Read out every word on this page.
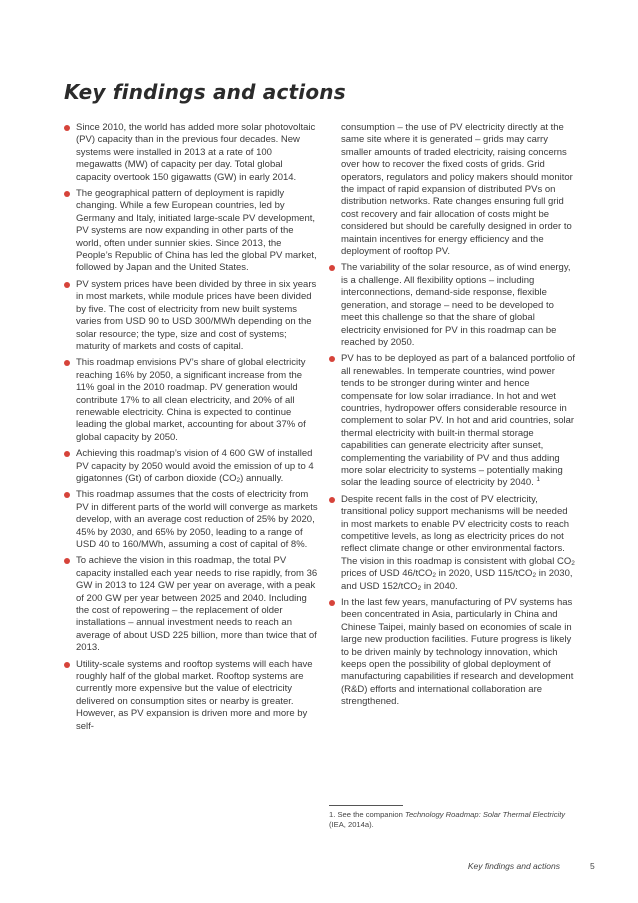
Key findings and actions
Since 2010, the world has added more solar photovoltaic (PV) capacity than in the previous four decades. New systems were installed in 2013 at a rate of 100 megawatts (MW) of capacity per day. Total global capacity overtook 150 gigawatts (GW) in early 2014.
The geographical pattern of deployment is rapidly changing. While a few European countries, led by Germany and Italy, initiated large-scale PV development, PV systems are now expanding in other parts of the world, often under sunnier skies. Since 2013, the People’s Republic of China has led the global PV market, followed by Japan and the United States.
PV system prices have been divided by three in six years in most markets, while module prices have been divided by five. The cost of electricity from new built systems varies from USD 90 to USD 300/MWh depending on the solar resource; the type, size and cost of systems; maturity of markets and costs of capital.
This roadmap envisions PV’s share of global electricity reaching 16% by 2050, a significant increase from the 11% goal in the 2010 roadmap. PV generation would contribute 17% to all clean electricity, and 20% of all renewable electricity. China is expected to continue leading the global market, accounting for about 37% of global capacity by 2050.
Achieving this roadmap’s vision of 4 600 GW of installed PV capacity by 2050 would avoid the emission of up to 4 gigatonnes (Gt) of carbon dioxide $(CO_2)$ annually.
This roadmap assumes that the costs of electricity from PV in different parts of the world will converge as markets develop, with an average cost reduction of 25% by 2020, 45% by 2030, and 65% by 2050, leading to a range of USD 40 to 160/MWh, assuming a cost of capital of 8%.
To achieve the vision in this roadmap, the total PV capacity installed each year needs to rise rapidly, from 36 GW in 2013 to 124 GW per year on average, with a peak of 200 GW per year between 2025 and 2040. Including the cost of repowering – the replacement of older installations – annual investment needs to reach an average of about USD 225 billion, more than twice that of 2013.
Utility-scale systems and rooftop systems will each have roughly half of the global market. Rooftop systems are currently more expensive but the value of electricity delivered on consumption sites or nearby is greater. However, as PV expansion is driven more and more by self-

consumption – the use of PV electricity directly at the same site where it is generated – grids may carry smaller amounts of traded electricity, raising concerns over how to recover the fixed costs of grids. Grid operators, regulators and policy makers should monitor the impact of rapid expansion of distributed PVs on distribution networks. Rate changes ensuring full grid cost recovery and fair allocation of costs might be considered but should be carefully designed in order to maintain incentives for energy efficiency and the deployment of rooftop PV.

The variability of the solar resource, as of wind energy, is a challenge. All flexibility options – including interconnections, demand-side response, flexible generation, and storage – need to be developed to meet this challenge so that the share of global electricity envisioned for PV in this roadmap can be reached by 2050.
PV has to be deployed as part of a balanced portfolio of all renewables. In temperate countries, wind power tends to be stronger during winter and hence compensate for low solar irradiance. In hot and wet countries, hydropower offers considerable resource in complement to solar PV. In hot and arid countries, solar thermal electricity with built-in thermal storage capabilities can generate electricity after sunset, complementing the variability of PV and thus adding more solar electricity to systems – potentially making solar the leading source of electricity by 2040. $^1$
Despite recent falls in the cost of PV electricity, transitional policy support mechanisms will be needed in most markets to enable PV electricity costs to reach competitive levels, as long as electricity prices do not reflect climate change or other environmental factors. The vision in this roadmap is consistent with global $CO_2$ prices of USD 46/tCO$_2$ in 2020, USD 115/tCO$_2$ in 2030, and USD 152/tCO$_2$ in 2040.
In the last few years, manufacturing of PV systems has been concentrated in Asia, particularly in China and Chinese Taipei, mainly based on economies of scale in large new production facilities. Future progress is likely to be driven mainly by technology innovation, which keeps open the possibility of global deployment of manufacturing capabilities if research and development (R&D) efforts and international collaboration are strengthened.
1. See the companion Technology Roadmap: Solar Thermal Electricity (IEA, 2014a).
Key findings and actions	5
